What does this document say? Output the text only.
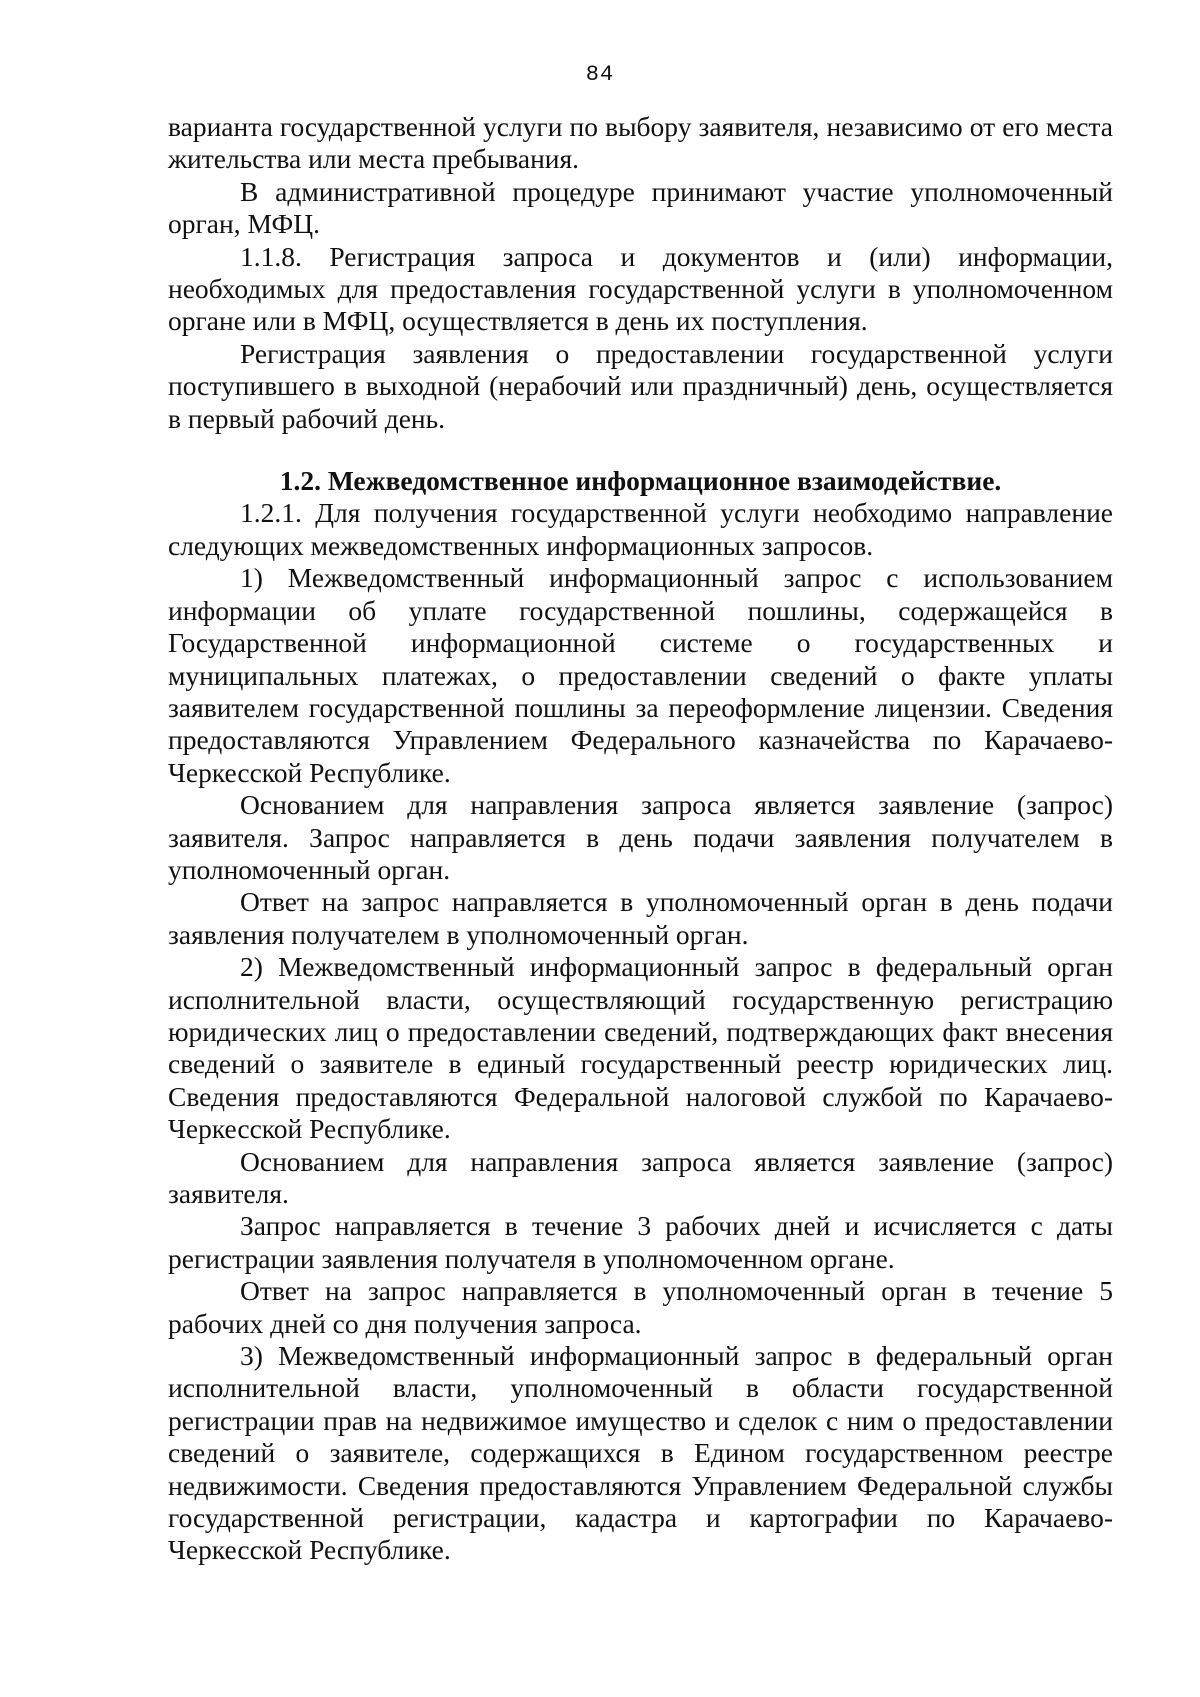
84

варианта государственной услуги по выбору заявителя, независимо от его места жительства или места пребывания.

В административной процедуре принимают участие уполномоченный орган, МФЦ.

1.1.8. Регистрация запроса и документов и (или) информации, необходимых для предоставления государственной услуги в уполномоченном органе или в МФЦ, осуществляется в день их поступления.

Регистрация заявления о предоставлении государственной услуги поступившего в выходной (нерабочий или праздничный) день, осуществляется в первый рабочий день.

1.2. Межведомственное информационное взаимодействие.

1.2.1. Для получения государственной услуги необходимо направление следующих межведомственных информационных запросов.

1) Межведомственный информационный запрос с использованием информации об уплате государственной пошлины, содержащейся в Государственной информационной системе о государственных и муниципальных платежах, о предоставлении сведений о факте уплаты заявителем государственной пошлины за переоформление лицензии. Сведения предоставляются Управлением Федерального казначейства по Карачаево-Черкесской Республике.

Основанием для направления запроса является заявление (запрос) заявителя. Запрос направляется в день подачи заявления получателем в уполномоченный орган.

Ответ на запрос направляется в уполномоченный орган в день подачи заявления получателем в уполномоченный орган.

2) Межведомственный информационный запрос в федеральный орган исполнительной власти, осуществляющий государственную регистрацию юридических лиц о предоставлении сведений, подтверждающих факт внесения сведений о заявителе в единый государственный реестр юридических лиц. Сведения предоставляются Федеральной налоговой службой по Карачаево-Черкесской Республике.

Основанием для направления запроса является заявление (запрос) заявителя.

Запрос направляется в течение 3 рабочих дней и исчисляется с даты регистрации заявления получателя в уполномоченном органе.

Ответ на запрос направляется в уполномоченный орган в течение 5 рабочих дней со дня получения запроса.

3) Межведомственный информационный запрос в федеральный орган исполнительной власти, уполномоченный в области государственной регистрации прав на недвижимое имущество и сделок с ним о предоставлении сведений о заявителе, содержащихся в Едином государственном реестре недвижимости. Сведения предоставляются Управлением Федеральной службы государственной регистрации, кадастра и картографии по Карачаево-Черкесской Республике.
